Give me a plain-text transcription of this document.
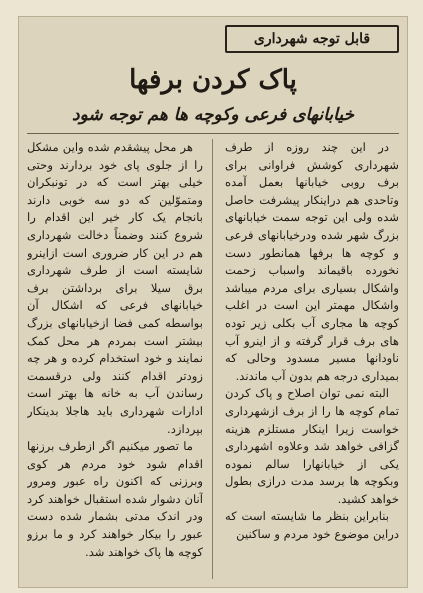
قابل توجه شهرداری
پاک کردن برفها
خیابانهای فرعی وکوچه ها هم توجه شود

در این چند روزه از طرف شهرداری کوشش فراوانی برای برف روبی خیابانها بعمل آمده وتاحدی هم دراینکار پیشرفت حاصل شده ولی این توجه سمت خیابانهای بزرگ شهر شده ودرخیابانهای فرعی و کوچه ها برفها همانطور دست نخورده باقیماند واسباب زحمت واشکال بسیاری برای مردم میباشد واشکال مهمتر این است در اغلب کوچه ها مجاری آب بکلی زیر توده های برف قرار گرفته و از اینرو آب ناودانها مسیر مسدود وحالی که بمیداری درجه هم بدون آب ماندند.

البته نمی توان اصلاح و پاک کردن تمام کوچه ها را از برف ازشهرداری خواست زیرا اینکار مستلزم هزینه گزافی خواهد شد وعلاوه اشهرداری یکی از خیابانهارا سالم نموده وبکوچه ها برسد مدت درازی بطول خواهد کشید.

بنابراین بنظر ما شایسته است که دراین موضوع خود مردم و ساکنین

هر محل پیشقدم شده واین مشکل را از جلوی پای خود بردارند وحتی خیلی بهتر است که در تونبکران ومتموّلین که دو سه خوبی دارند بانجام یک کار خیر این اقدام را شروع کنند وضمناً دخالت شهرداری هم در این کار ضروری است ازاینرو شایسته است از طرف شهرداری برق سیلا برای برداشتن برف خیابانهای فرعی که اشکال آن بواسطه کمی فضا ازخیابانهای بزرگ بیشتر است بمردم هر محل کمک نمایند و خود استخدام کرده و هر چه زودتر اقدام کنند ولی درقسمت رساندن آب به خانه ها بهتر است ادارات شهرداری باید هاجلا بدینکار بپردازد.

ما تصور میکنیم اگر ازطرف برزنها اقدام شود خود مردم هر کوی وبرزنی که اکنون راه عبور ومرور آنان دشوار شده استقبال خواهند کرد ودر اندک مدتی بشمار شده دست عبور را بیکار خواهند کرد و ما برزو کوچه ها پاک خواهند شد.
